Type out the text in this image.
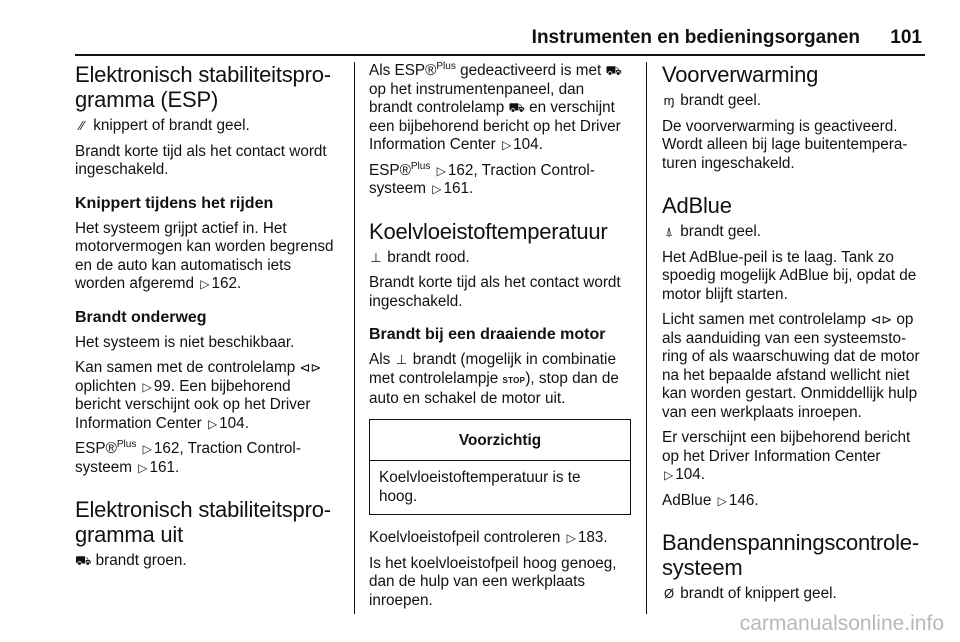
Instrumenten en bedieningsorganen 101
Elektronisch stabiliteitspro-gramma (ESP)

⁄⁄ knippert of brandt geel.

Brandt korte tijd als het contact wordt ingeschakeld.

Knippert tijdens het rijden

Het systeem grijpt actief in. Het motorvermogen kan worden begrensd en de auto kan automatisch iets worden afgeremd ▷ 162.

Brandt onderweg

Het systeem is niet beschikbaar.

Kan samen met de controlelamp ⊲⊳ oplichten ▷ 99. Een bijbehorend bericht verschijnt ook op het Driver Information Center ▷ 104.

ESP®$^{Plus}$ ▷ 162, Traction Control-systeem ▷ 161.

Elektronisch stabiliteitspro-gramma uit

⛟ brandt groen.

Als ESP®$^{Plus}$ gedeactiveerd is met ⛟ op het instrumentenpaneel, dan brandt controlelamp ⛟ en verschijnt een bijbehorend bericht op het Driver Information Center ▷ 104.

ESP®$^{Plus}$ ▷ 162, Traction Control-systeem ▷ 161.

Koelvloeistoftemperatuur

⊥ brandt rood.

Brandt korte tijd als het contact wordt ingeschakeld.

Brandt bij een draaiende motor

Als ⊥ brandt (mogelijk in combinatie met controlelampje STOP), stop dan de auto en schakel de motor uit.

Voorzichtig
Koelvloeistoftemperatuur is te hoog.

Koelvloeistofpeil controleren ▷ 183.

Is het koelvloeistofpeil hoog genoeg, dan de hulp van een werkplaats inroepen.

Voorverwarming

ɱ brandt geel.

De voorverwarming is geactiveerd. Wordt alleen bij lage buitentempera-turen ingeschakeld.

AdBlue

⍋ brandt geel.

Het AdBlue-peil is te laag. Tank zo spoedig mogelijk AdBlue bij, opdat de motor blijft starten.

Licht samen met controlelamp ⊲⊳ op als aanduiding van een systeemsto-ring of als waarschuwing dat de motor na het bepaalde afstand wellicht niet kan worden gestart. Onmiddellijk hulp van een werkplaats inroepen.

Er verschijnt een bijbehorend bericht op het Driver Information Center ▷ 104.

AdBlue ▷ 146.

Bandenspanningscontrole-systeem

Ø brandt of knippert geel.

carmanualsonline.info
